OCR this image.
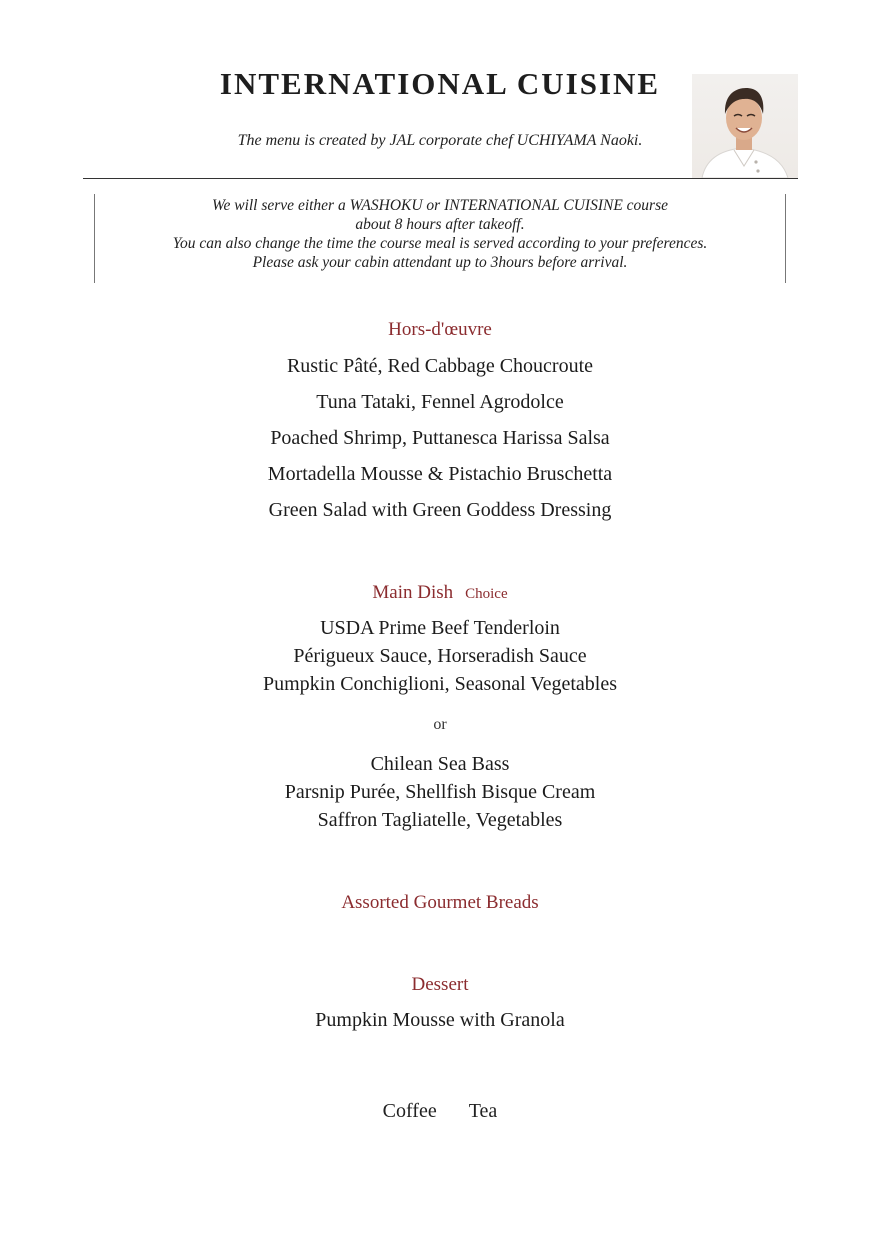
INTERNATIONAL CUISINE
The menu is created by JAL corporate chef UCHIYAMA Naoki.
We will serve either a WASHOKU or INTERNATIONAL CUISINE course
about 8 hours after takeoff.
You can also change the time the course meal is served according to your preferences.
Please ask your cabin attendant up to 3hours before arrival.
Hors-d'œuvre
Rustic Pâté, Red Cabbage Choucroute
Tuna Tataki, Fennel Agrodolce
Poached Shrimp, Puttanesca Harissa Salsa
Mortadella Mousse & Pistachio Bruschetta
Green Salad with Green Goddess Dressing
Main Dish Choice
USDA Prime Beef Tenderloin
Périgueux Sauce, Horseradish Sauce
Pumpkin Conchiglioni, Seasonal Vegetables
or
Chilean Sea Bass
Parsnip Purée, Shellfish Bisque Cream
Saffron Tagliatelle, Vegetables
Assorted Gourmet Breads
Dessert
Pumpkin Mousse with Granola
Coffee Tea
